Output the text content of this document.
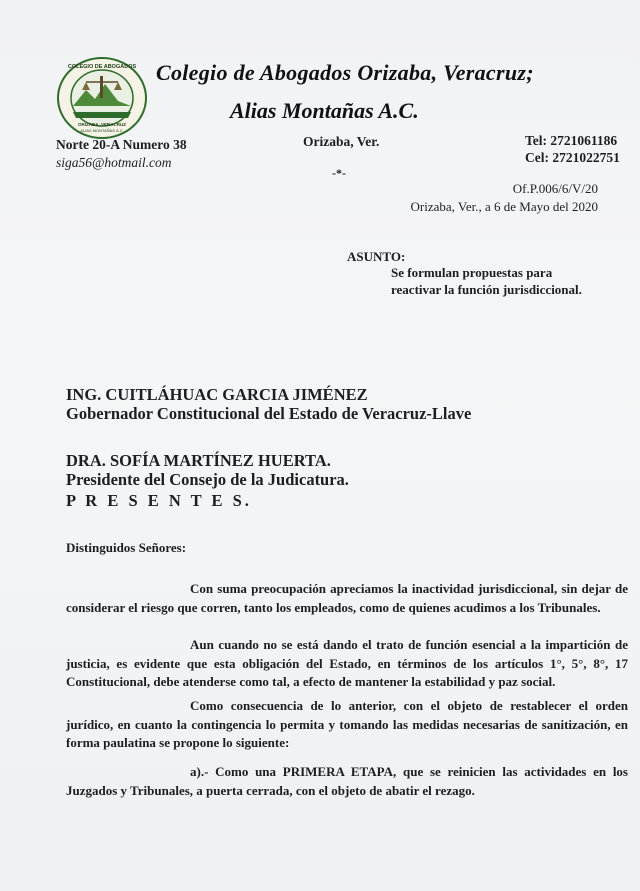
COLEGIO DE ABOGADOS
ORIZABA, VERACRUZ
ALIAS MONTAÑAS A.C.

Colegio de Abogados Orizaba, Veracruz;

Alias Montañas A.C.

Norte 20-A Numero 38

siga56@hotmail.com

Orizaba, Ver.	Tel: 2721061186

Cel: 2721022751

-*-

Of.P.006/6/V/20

Orizaba, Ver., a 6 de Mayo del 2020

ASUNTO:

Se formulan propuestas para

reactivar la función jurisdiccional.

ING. CUITLÁHUAC GARCIA JIMÉNEZ

Gobernador Constitucional del Estado de Veracruz-Llave

DRA. SOFÍA MARTÍNEZ HUERTA.

Presidente del Consejo de la Judicatura.

P R E S E N T E S.

Distinguidos Señores:

Con suma preocupación apreciamos la inactividad jurisdiccional, sin dejar de considerar el riesgo que corren, tanto los empleados, como de quienes acudimos a los Tribunales.

Aun cuando no se está dando el trato de función esencial a la impartición de justicia, es evidente que esta obligación del Estado, en términos de los artículos 1°, 5°, 8°, 17 Constitucional, debe atenderse como tal, a efecto de mantener la estabilidad y paz social.

Como consecuencia de lo anterior, con el objeto de restablecer el orden jurídico, en cuanto la contingencia lo permita y tomando las medidas necesarias de sanitización, en forma paulatina se propone lo siguiente:

a).- Como una PRIMERA ETAPA, que se reinicien las actividades en los Juzgados y Tribunales, a puerta cerrada, con el objeto de abatir el rezago.
